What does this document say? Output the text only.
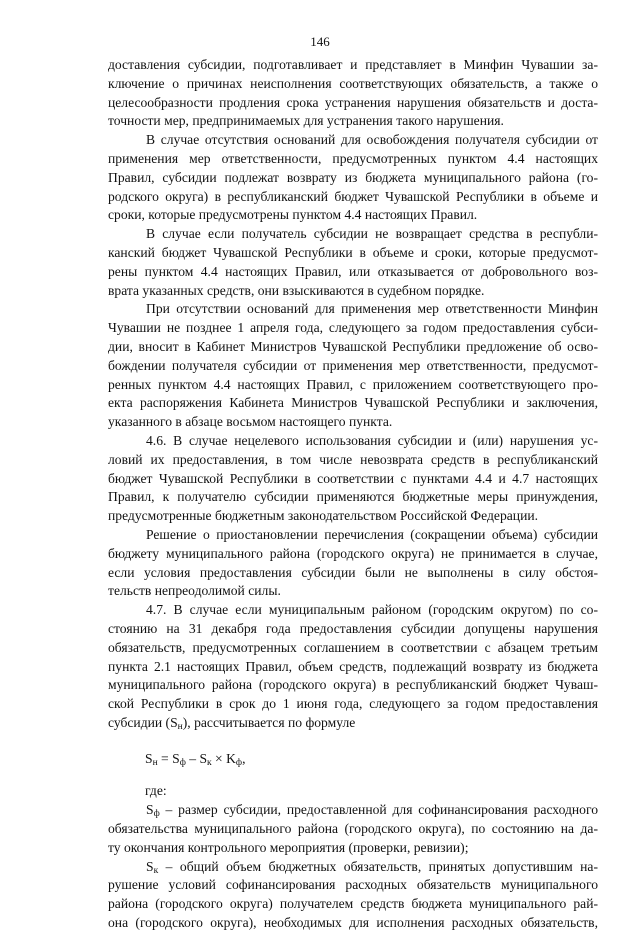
146
доставления субсидии, подготавливает и представляет в Минфин Чувашии за-
ключение о причинах неисполнения соответствующих обязательств, а также о
целесообразности продления срока устранения нарушения обязательств и доста-
точности мер, предпринимаемых для устранения такого нарушения.
В случае отсутствия оснований для освобождения получателя субсидии от
применения мер ответственности, предусмотренных пунктом 4.4 настоящих
Правил, субсидии подлежат возврату из бюджета муниципального района (го-
родского округа) в республиканский бюджет Чувашской Республики в объеме и
сроки, которые предусмотрены пунктом 4.4 настоящих Правил.
В случае если получатель субсидии не возвращает средства в республи-
канский бюджет Чувашской Республики в объеме и сроки, которые предусмот-
рены пунктом 4.4 настоящих Правил, или отказывается от добровольного воз-
врата указанных средств, они взыскиваются в судебном порядке.
При отсутствии оснований для применения мер ответственности Минфин
Чувашии не позднее 1 апреля года, следующего за годом предоставления субси-
дии, вносит в Кабинет Министров Чувашской Республики предложение об осво-
бождении получателя субсидии от применения мер ответственности, предусмот-
ренных пунктом 4.4 настоящих Правил, с приложением соответствующего про-
екта распоряжения Кабинета Министров Чувашской Республики и заключения,
указанного в абзаце восьмом настоящего пункта.
4.6. В случае нецелевого использования субсидии и (или) нарушения ус-
ловий их предоставления, в том числе невозврата средств в республиканский
бюджет Чувашской Республики в соответствии с пунктами 4.4 и 4.7 настоящих
Правил, к получателю субсидии применяются бюджетные меры принуждения,
предусмотренные бюджетным законодательством Российской Федерации.
Решение о приостановлении перечисления (сокращении объема) субсидии
бюджету муниципального района (городского округа) не принимается в случае,
если условия предоставления субсидии были не выполнены в силу обстоя-
тельств непреодолимой силы.
4.7. В случае если муниципальным районом (городским округом) по со-
стоянию на 31 декабря года предоставления субсидии допущены нарушения
обязательств, предусмотренных соглашением в соответствии с абзацем третьим
пункта 2.1 настоящих Правил, объем средств, подлежащий возврату из бюджета
муниципального района (городского округа) в республиканский бюджет Чуваш-
ской Республики в срок до 1 июня года, следующего за годом предоставления
субсидии $(S_н)$, рассчитывается по формуле
$S_н = S_ф - S_к \times K_ф$,
где:
$S_ф$ – размер субсидии, предоставленной для софинансирования расходного
обязательства муниципального района (городского округа), по состоянию на да-
ту окончания контрольного мероприятия (проверки, ревизии);
$S_к$ – общий объем бюджетных обязательств, принятых допустившим на-
рушение условий софинансирования расходных обязательств муниципального
района (городского округа) получателем средств бюджета муниципального рай-
она (городского округа), необходимых для исполнения расходных обязательств,
